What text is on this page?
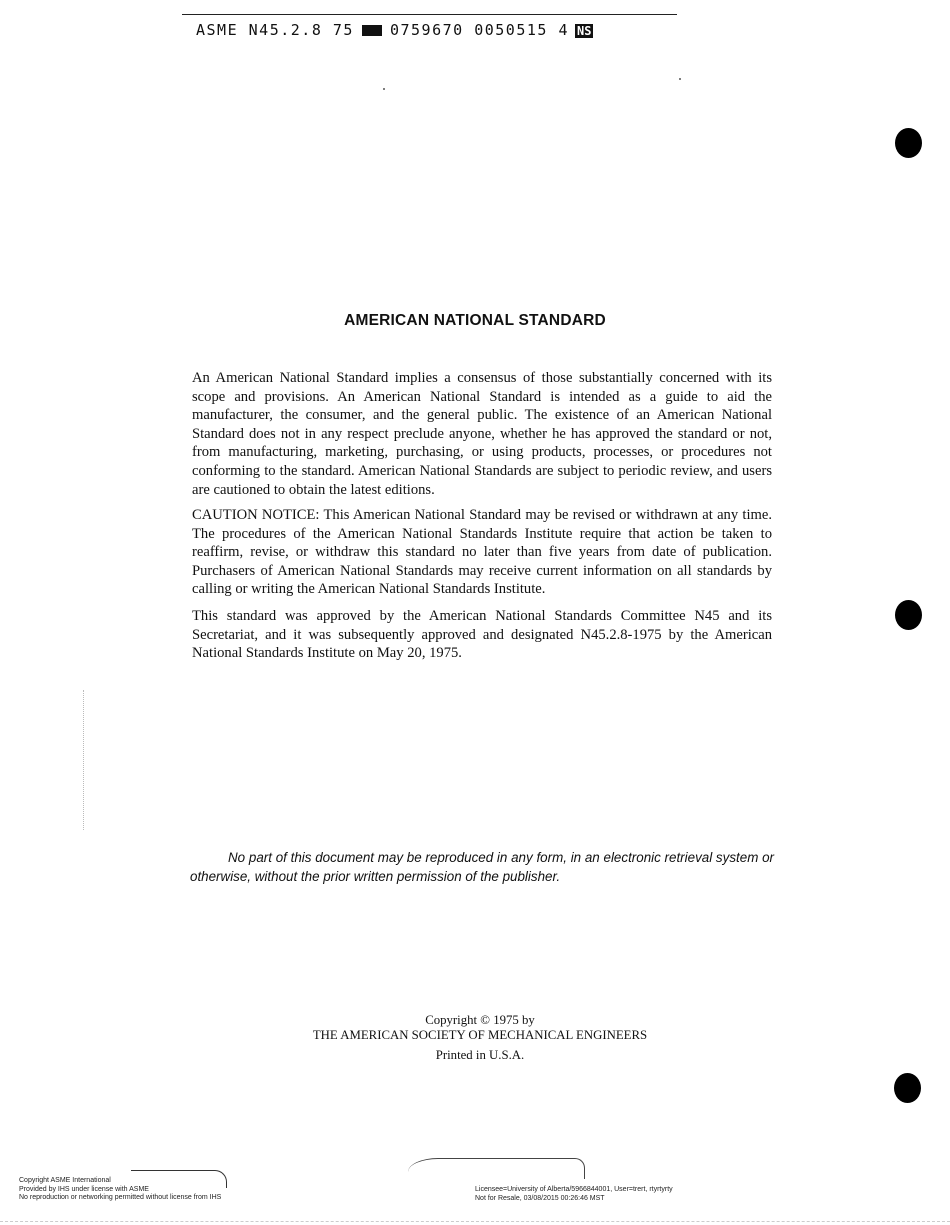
ASME N45.2.8 75 0759670 0050515 4 NS
AMERICAN NATIONAL STANDARD

An American National Standard implies a consensus of those substantially concerned with its scope and provisions. An American National Standard is intended as a guide to aid the manufacturer, the consumer, and the general public. The existence of an American National Standard does not in any respect preclude anyone, whether he has approved the standard or not, from manufacturing, marketing, purchasing, or using products, processes, or procedures not conforming to the standard. American National Standards are subject to periodic review, and users are cautioned to obtain the latest editions.

CAUTION NOTICE: This American National Standard may be revised or withdrawn at any time. The procedures of the American National Standards Institute require that action be taken to reaffirm, revise, or withdraw this standard no later than five years from date of publication. Purchasers of American National Standards may receive current information on all standards by calling or writing the American National Standards Institute.

This standard was approved by the American National Standards Committee N45 and its Secretariat, and it was subsequently approved and designated N45.2.8-1975 by the American National Standards Institute on May 20, 1975.

No part of this document may be reproduced in any form, in an electronic retrieval system or otherwise, without the prior written permission of the publisher.

Copyright © 1975 by
THE AMERICAN SOCIETY OF MECHANICAL ENGINEERS
Printed in U.S.A.
Copyright ASME International
Provided by IHS under license with ASME
No reproduction or networking permitted without license from IHS
Licensee=University of Alberta/5966844001, User=trert, rtyrtyrty
Not for Resale, 03/08/2015 00:26:46 MST
